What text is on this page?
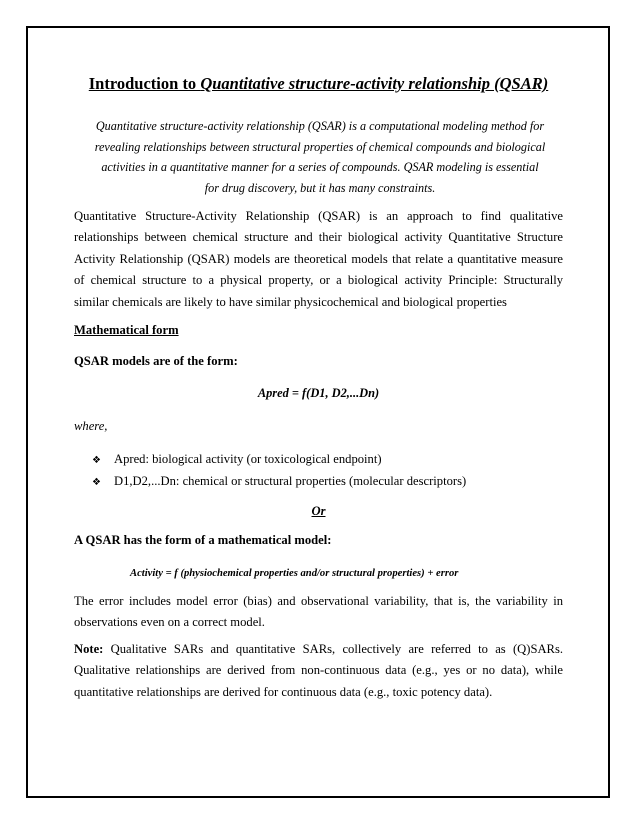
Introduction to Quantitative structure-activity relationship (QSAR)
Quantitative structure-activity relationship (QSAR) is a computational modeling method for revealing relationships between structural properties of chemical compounds and biological activities in a quantitative manner for a series of compounds. QSAR modeling is essential for drug discovery, but it has many constraints.

Quantitative Structure-Activity Relationship (QSAR) is an approach to find qualitative relationships between chemical structure and their biological activity Quantitative Structure Activity Relationship (QSAR) models are theoretical models that relate a quantitative measure of chemical structure to a physical property, or a biological activity Principle: Structurally similar chemicals are likely to have similar physicochemical and biological properties

Mathematical form
QSAR models are of the form:
Apred = f(D1, D2,...Dn)
where,
❖ Apred: biological activity (or toxicological endpoint)
❖ D1,D2,...Dn: chemical or structural properties (molecular descriptors)
Or
A QSAR has the form of a mathematical model:
Activity = f (physiochemical properties and/or structural properties) + error

The error includes model error (bias) and observational variability, that is, the variability in observations even on a correct model.

Note: Qualitative SARs and quantitative SARs, collectively are referred to as (Q)SARs. Qualitative relationships are derived from non-continuous data (e.g., yes or no data), while quantitative relationships are derived for continuous data (e.g., toxic potency data).
